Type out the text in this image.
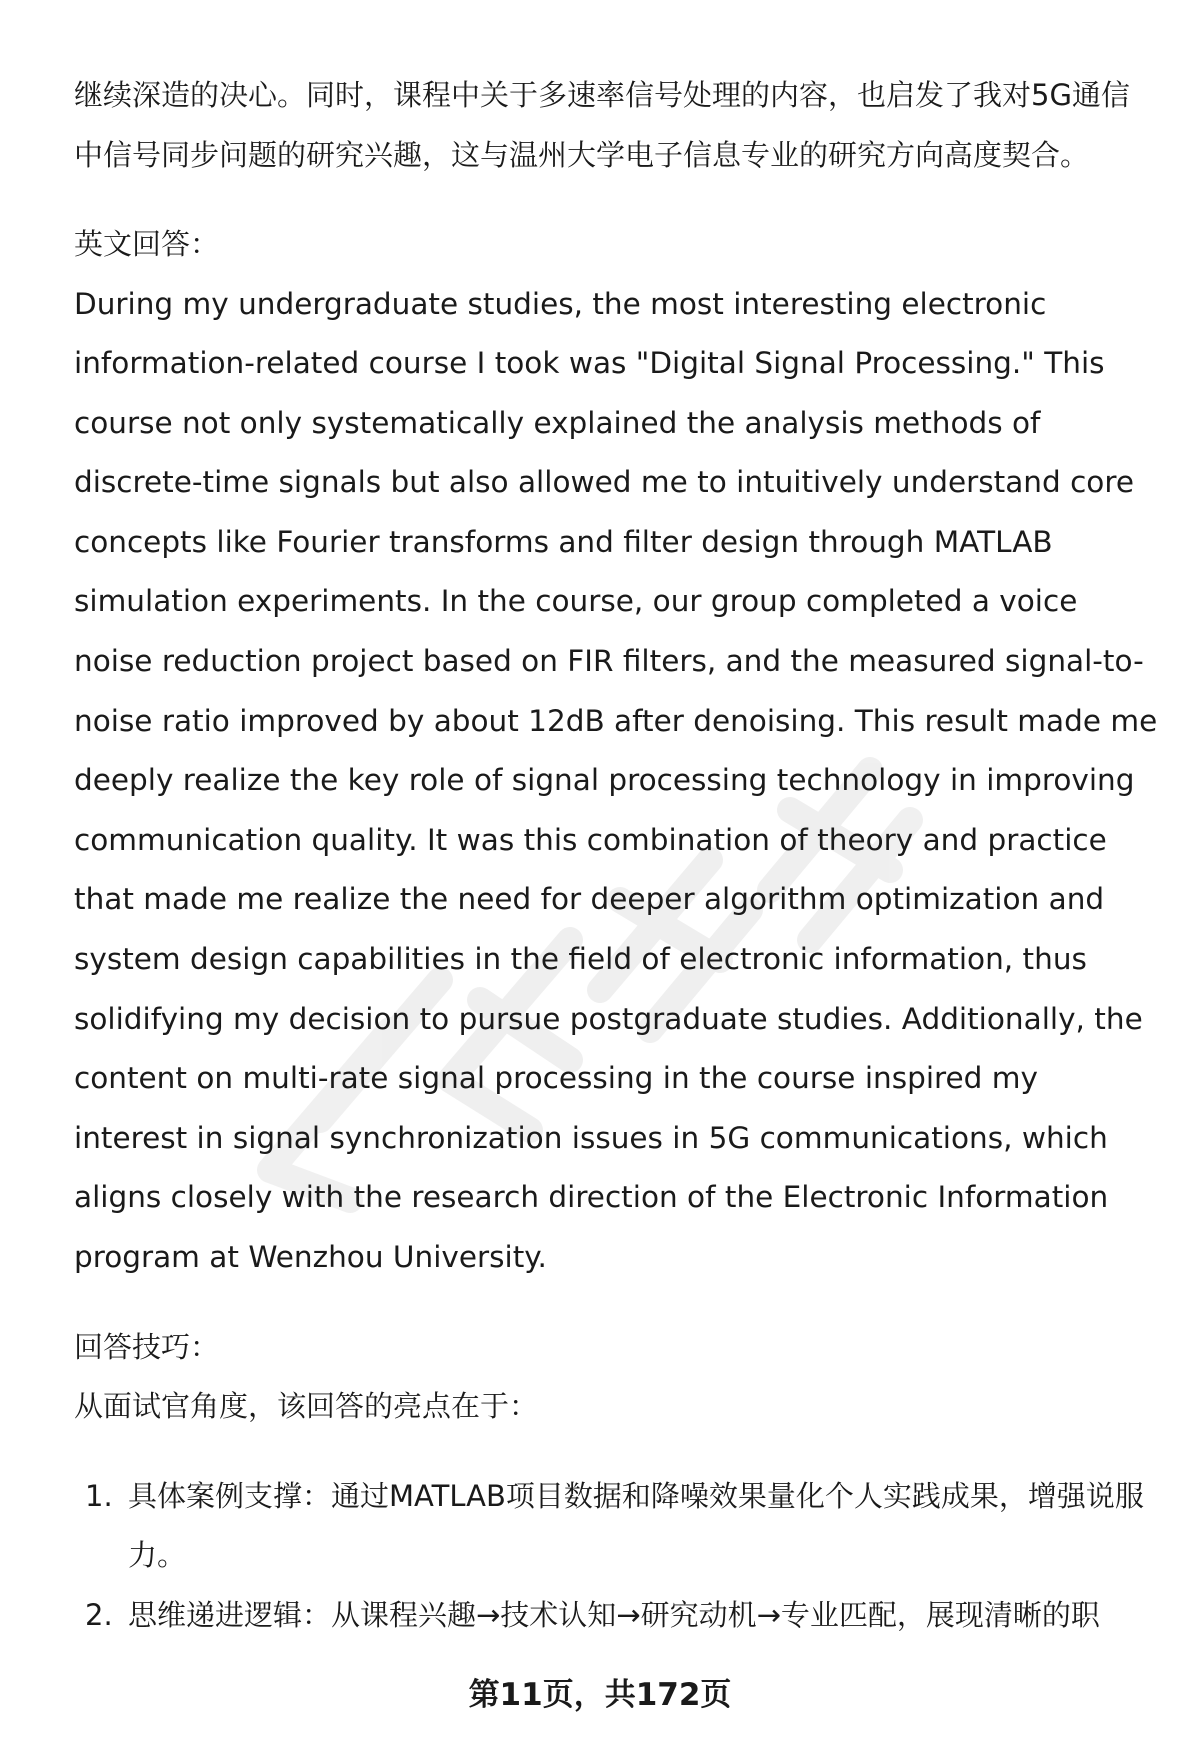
继续深造的决心。同时，课程中关于多速率信号处理的内容，也启发了我对5G通信中信号同步问题的研究兴趣，这与温州大学电子信息专业的研究方向高度契合。

英文回答：

During my undergraduate studies, the most interesting electronic information-related course I took was "Digital Signal Processing." This course not only systematically explained the analysis methods of discrete-time signals but also allowed me to intuitively understand core concepts like Fourier transforms and filter design through MATLAB simulation experiments. In the course, our group completed a voice noise reduction project based on FIR filters, and the measured signal-to-noise ratio improved by about 12dB after denoising. This result made me deeply realize the key role of signal processing technology in improving communication quality. It was this combination of theory and practice that made me realize the need for deeper algorithm optimization and system design capabilities in the field of electronic information, thus solidifying my decision to pursue postgraduate studies. Additionally, the content on multi-rate signal processing in the course inspired my interest in signal synchronization issues in 5G communications, which aligns closely with the research direction of the Electronic Information program at Wenzhou University.

回答技巧：

从面试官角度，该回答的亮点在于：

1. 具体案例支撑：通过MATLAB项目数据和降噪效果量化个人实践成果，增强说服力。
2. 思维递进逻辑：从课程兴趣→技术认知→研究动机→专业匹配，展现清晰的职
第11页，共172页
